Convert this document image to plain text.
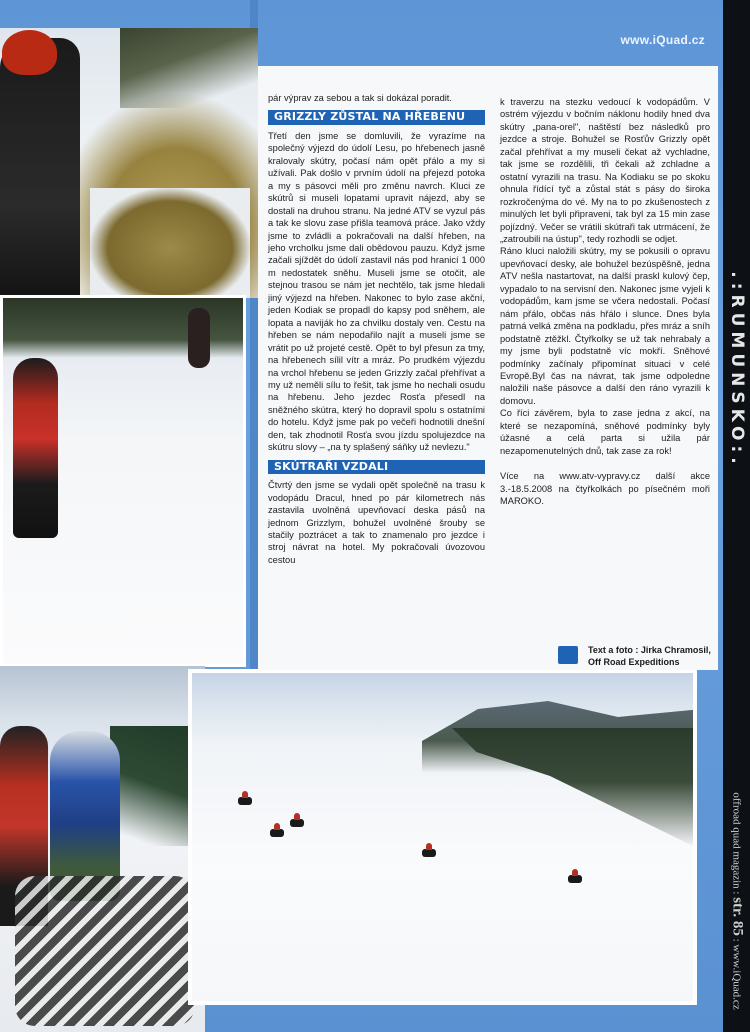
www.iQuad.cz

pár výprav za sebou a tak si dokázal poradit.

GRIZZLY ZŮSTAL NA HŘEBENU

Třetí den jsme se domluvili, že vyrazíme na společný výjezd do údolí Lesu, po hřebenech jasně kralovaly skútry, počasí nám opět přálo a my si užívali. Pak došlo v prvním údolí na přejezd potoka a my s pásovci měli pro změnu navrch. Kluci ze skútrů si museli lopatami upravit nájezd, aby se dostali na druhou stranu. Na jedné ATV se vyzul pás a tak ke slovu zase přišla teamová práce. Jako vždy jsme to zvládli a pokračovali na další hřeben, na jeho vrcholku jsme dali obědovou pauzu. Když jsme začali sjíždět do údolí zastavil nás pod hranicí 1 000 m nedostatek sněhu. Museli jsme se otočit, ale stejnou trasou se nám jet nechtělo, tak jsme hledali jiný výjezd na hřeben. Nakonec to bylo zase akční, jeden Kodiak se propadl do kapsy pod sněhem, ale lopata a naviják ho za chvilku dostaly ven. Cestu na hřeben se nám nepodařilo najít a museli jsme se vrátit po už projeté cestě. Opět to byl přesun za tmy, na hřebenech sílil vítr a mráz. Po prudkém výjezdu na vrchol hřebenu se jeden Grizzly začal přehřívat a my už neměli sílu to řešit, tak jsme ho nechali osudu na hřebenu. Jeho jezdec Rosťa přesedl na sněžného skútra, který ho dopravil spolu s ostatními do hotelu. Když jsme pak po večeři hodnotili dnešní den, tak zhodnotil Rosťa svou jízdu spolujezdce na skútru slovy – „na ty splašený sáňky už nevlezu."

SKÚTRAŘI VZDALI

Čtvrtý den jsme se vydali opět společně na trasu k vodopádu Dracul, hned po pár kilometrech nás zastavila uvolněná upevňovací deska pásů na jednom Grizzlym, bohužel uvolněné šrouby se stačily poztrácet a tak to znamenalo pro jezdce i stroj návrat na hotel. My pokračovali úvozovou cestou

k traverzu na stezku vedoucí k vodopádům. V ostrém výjezdu v bočním náklonu hodily hned dva skútry „pana-orel", naštěstí bez následků pro jezdce a stroje. Bohužel se Rosťův Grizzly opět začal přehřívat a my museli čekat až vychladne, tak jsme se rozdělili, tři čekali až zchladne a ostatní vyrazili na trasu. Na Kodiaku se po skoku ohnula řídící tyč a zůstal stát s pásy do široka rozkročenýma do vé. My na to po zkušenostech z minulých let byli připraveni, tak byl za 15 min zase pojízdný. Večer se vrátili skútraři tak utrmácení, že „zatroubili na ústup", tedy rozhodli se odjet.

Ráno kluci naložili skútry, my se pokusili o opravu upevňovací desky, ale bohužel bezúspěšně, jedna ATV nešla nastartovat, na další praskl kulový čep, vypadalo to na servisní den. Nakonec jsme vyjeli k vodopádům, kam jsme se včera nedostali. Počasí nám přálo, občas nás hřálo i slunce. Dnes byla patrná velká změna na podkladu, přes mráz a sníh podstatně ztěžkl. Čtyřkolky se už tak nehrabaly a my jsme byli podstatně víc mokří. Sněhové podmínky začínaly připomínat situaci v celé Evropě.Byl čas na návrat, tak jsme odpoledne naložili naše pásovce a další den ráno vyrazili k domovu.

Co říci závěrem, byla to zase jedna z akcí, na které se nezapomíná, sněhové podmínky byly úžasné a celá parta si užila pár nezapomenutelných dnů, tak zase za rok!

Více na www.atv-vypravy.cz další akce 3.-18.5.2008 na čtyřkolkách po písečném moři MAROKO.

Text a foto : Jirka Chramosil,
Off Road Expeditions
.:RUMUNSKO:.
offroad quad magazin : str. 85 : www.iQuad.cz
